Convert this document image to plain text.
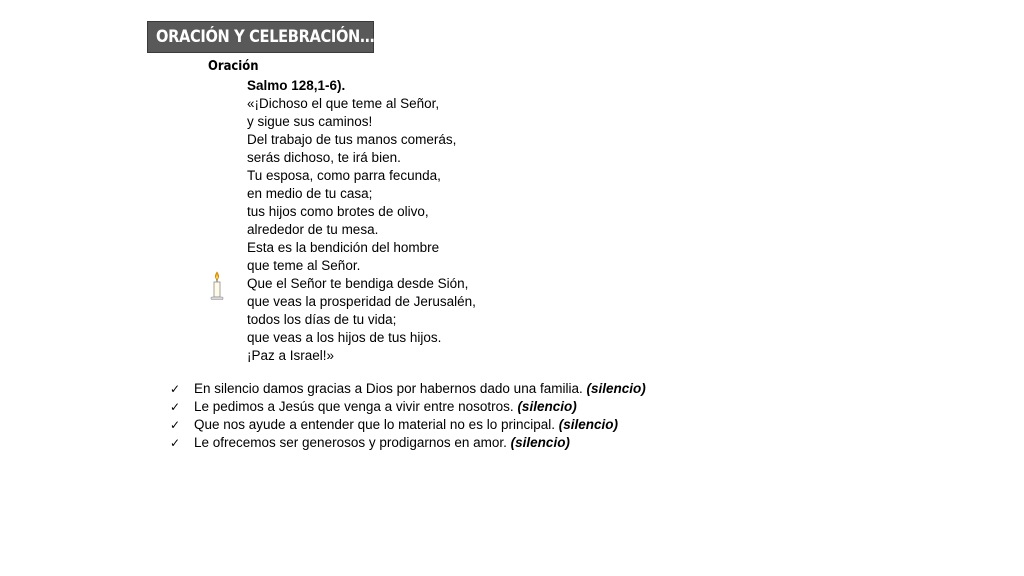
ORACIÓN Y CELEBRACIÓN….
Oración
Salmo 128,1-6).
«¡Dichoso el que teme al Señor,
y sigue sus caminos!
Del trabajo de tus manos comerás,
serás dichoso, te irá bien.
Tu esposa, como parra fecunda,
en medio de tu casa;
tus hijos como brotes de olivo,
alrededor de tu mesa.
Esta es la bendición del hombre
que teme al Señor.
Que el Señor te bendiga desde Sión,
que veas la prosperidad de Jerusalén,
todos los días de tu vida;
que veas a los hijos de tus hijos.
¡Paz a Israel!»
✓ En silencio damos gracias a Dios por habernos dado una familia. (silencio)
✓ Le pedimos a Jesús que venga a vivir entre nosotros. (silencio)
✓ Que nos ayude a entender que lo material no es lo principal. (silencio)
✓ Le ofrecemos ser generosos y prodigarnos en amor. (silencio)
